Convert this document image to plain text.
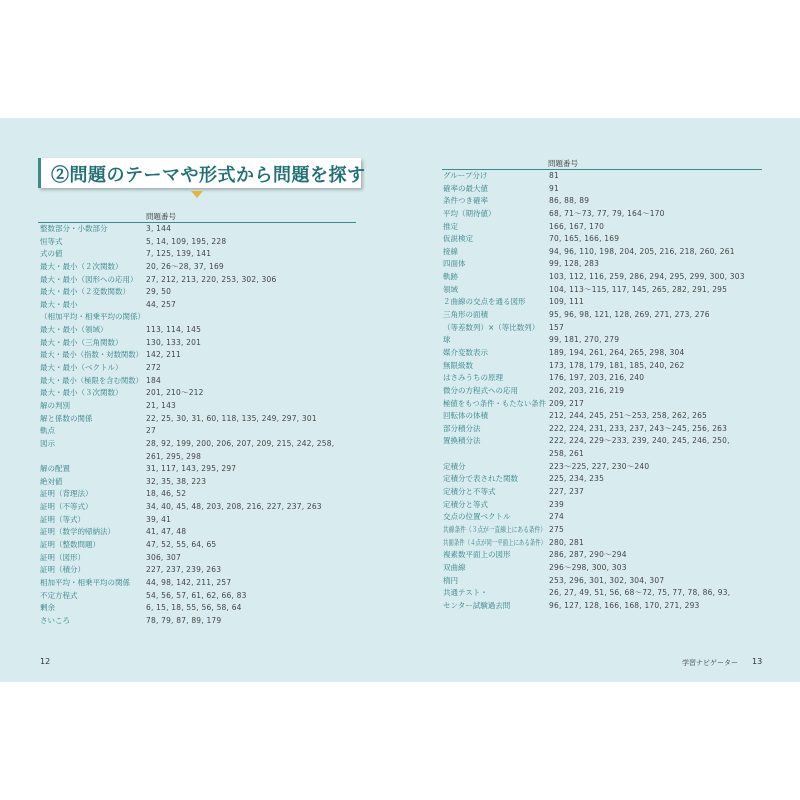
②問題のテーマや形式から問題を探す
問題番号
整数部分・小数部分	3, 144
恒等式	5, 14, 109, 195, 228
式の値	7, 125, 139, 141
最大・最小（２次関数）	20, 26～28, 37, 169
最大・最小（図形への応用） 27, 212, 213, 220, 253, 302, 306
最大・最小（２変数関数） 29, 50
最大・最小	44, 257
（相加平均・相乗平均の関係）
最大・最小（領域）	113, 114, 145
最大・最小（三角関数）	130, 133, 201
最大・最小（指数・対数関数） 142, 211
最大・最小（ベクトル）	272
最大・最小（極限を含む関数） 184
最大・最小（３次関数）	201, 210～212
解の判別	21, 143
解と係数の関係	22, 25, 30, 31, 60, 118, 135, 249, 297, 301
軌点	27
図示	28, 92, 199, 200, 206, 207, 209, 215, 242, 258,
261, 295, 298
解の配置	31, 117, 143, 295, 297
絶対値	32, 35, 38, 223
証明（背理法）	18, 46, 52
証明（不等式）	34, 40, 45, 48, 203, 208, 216, 227, 237, 263
証明（等式）	39, 41
証明（数学的帰納法）	41, 47, 48
証明（整数問題）	47, 52, 55, 64, 65
証明（図形）	306, 307
証明（積分）	227, 237, 239, 263
相加平均・相乗平均の関係 44, 98, 142, 211, 257
不定方程式	54, 56, 57, 61, 62, 66, 83
剰余	6, 15, 18, 55, 56, 58, 64
さいころ	78, 79, 87, 89, 179
問題番号
グループ分け	81
確率の最大値	91
条件つき確率	86, 88, 89
平均（期待値）	68, 71～73, 77, 79, 164～170
推定	166, 167, 170
仮説検定	70, 165, 166, 169
接線	94, 96, 110, 198, 204, 205, 216, 218, 260, 261
四面体	99, 128, 283
軌跡	103, 112, 116, 259, 286, 294, 295, 299, 300, 303
領域	104, 113～115, 117, 145, 265, 282, 291, 295
２曲線の交点を通る図形	109, 111
三角形の面積	95, 96, 98, 121, 128, 269, 271, 273, 276
（等差数列）×（等比数列） 157
球	99, 181, 270, 279
媒介変数表示	189, 194, 261, 264, 265, 298, 304
無限級数	173, 178, 179, 181, 185, 240, 262
はさみうちの原理	176, 197, 203, 216, 240
微分の方程式への応用	202, 203, 216, 219
極値をもつ条件・もたない条件 209, 217
回転体の体積	212, 244, 245, 251～253, 258, 262, 265
部分積分法	222, 224, 231, 233, 237, 243～245, 256, 263
置換積分法	222, 224, 229～233, 239, 240, 245, 246, 250,
258, 261
定積分	223～225, 227, 230～240
定積分で表された関数	225, 234, 235
定積分と不等式	227, 237
定積分と等式	239
交点の位置ベクトル	274
共線条件（３点が一直線上にある条件） 275
共面条件（４点が同一平面上にある条件） 280, 281
複素数平面上の図形	286, 287, 290～294
双曲線	296～298, 300, 303
楕円	253, 296, 301, 302, 304, 307
共通テスト・	26, 27, 49, 51, 56, 68～72, 75, 77, 78, 86, 93,
センター試験過去問	96, 127, 128, 166, 168, 170, 271, 293
12	学習ナビゲーター 13
